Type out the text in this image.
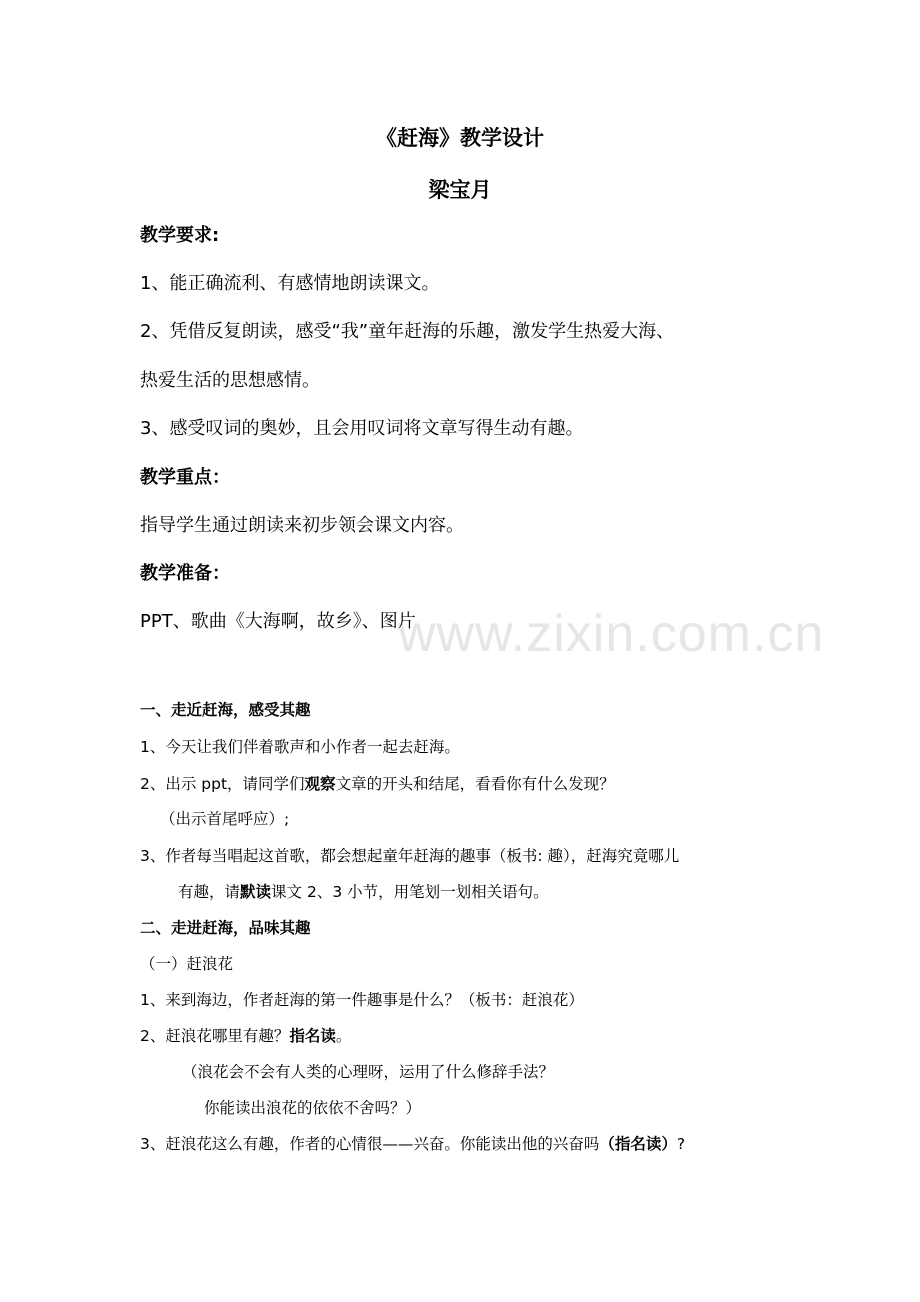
www.zixin.com.cn
《赶海》教学设计
梁宝月
教学要求:
1、能正确流利、有感情地朗读课文。
2、凭借反复朗读，感受“我”童年赶海的乐趣，激发学生热爱大海、
热爱生活的思想感情。
3、感受叹词的奥妙，且会用叹词将文章写得生动有趣。
教学重点：
指导学生通过朗读来初步领会课文内容。
教学准备：
PPT、歌曲《大海啊，故乡》、图片
一、走近赶海，感受其趣
1、今天让我们伴着歌声和小作者一起去赶海。
2、出示 ppt，请同学们观察文章的开头和结尾，看看你有什么发现？
（出示首尾呼应）;
3、作者每当唱起这首歌，都会想起童年赶海的趣事（板书: 趣），赶海究竟哪儿
有趣，请默读课文 2、3 小节，用笔划一划相关语句。
二、走进赶海，品味其趣
（一）赶浪花
1、来到海边，作者赶海的第一件趣事是什么？（板书：赶浪花）
2、赶浪花哪里有趣？指名读。
（浪花会不会有人类的心理呀，运用了什么修辞手法？
你能读出浪花的依依不舍吗？）
3、赶浪花这么有趣，作者的心情很——兴奋。你能读出他的兴奋吗（指名读）?
